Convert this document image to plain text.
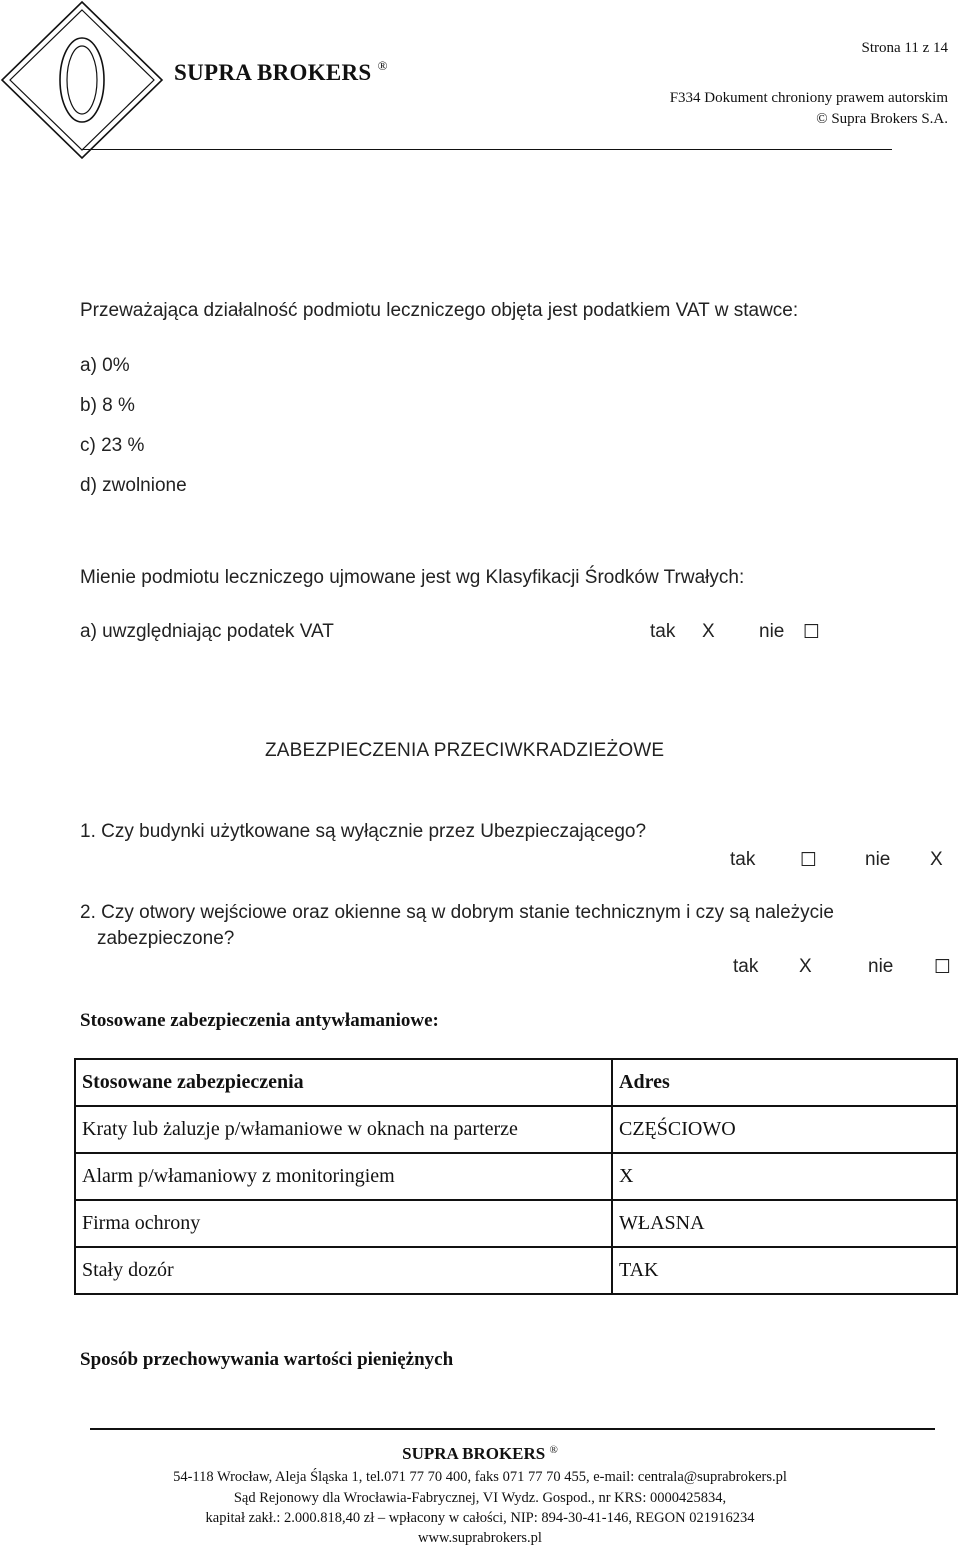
Strona 11 z 14
SUPRA BROKERS ®
F334 Dokument chroniony prawem autorskim
© Supra Brokers S.A.
Przeważająca działalność podmiotu leczniczego objęta jest podatkiem VAT w stawce:
a) 0%
b) 8 %
c) 23 %
d) zwolnione
Mienie podmiotu leczniczego ujmowane jest wg Klasyfikacji Środków Trwałych:
a) uwzględniając podatek VAT	tak X nie ☐
ZABEZPIECZENIA PRZECIWKRADZIEŻOWE
1. Czy budynki użytkowane są wyłącznie przez Ubezpieczającego?
tak ☐	nie X
2. Czy otwory wejściowe oraz okienne są w dobrym stanie technicznym i czy są należycie
zabezpieczone?
tak X	nie ☐
Stosowane zabezpieczenia antywłamaniowe:
Stosowane zabezpieczenia	Adres
Kraty lub żaluzje p/włamaniowe w oknach na parterze	CZĘŚCIOWO
Alarm p/włamaniowy z monitoringiem	X
Firma ochrony	WŁASNA
Stały dozór	TAK
Sposób przechowywania wartości pieniężnych
SUPRA BROKERS ®
54-118 Wrocław, Aleja Śląska 1, tel.071 77 70 400, faks 071 77 70 455, e-mail: centrala@suprabrokers.pl
Sąd Rejonowy dla Wrocławia-Fabrycznej, VI Wydz. Gospod., nr KRS: 0000425834,
kapitał zakł.: 2.000.818,40 zł – wpłacony w całości, NIP: 894-30-41-146, REGON 021916234
www.suprabrokers.pl
